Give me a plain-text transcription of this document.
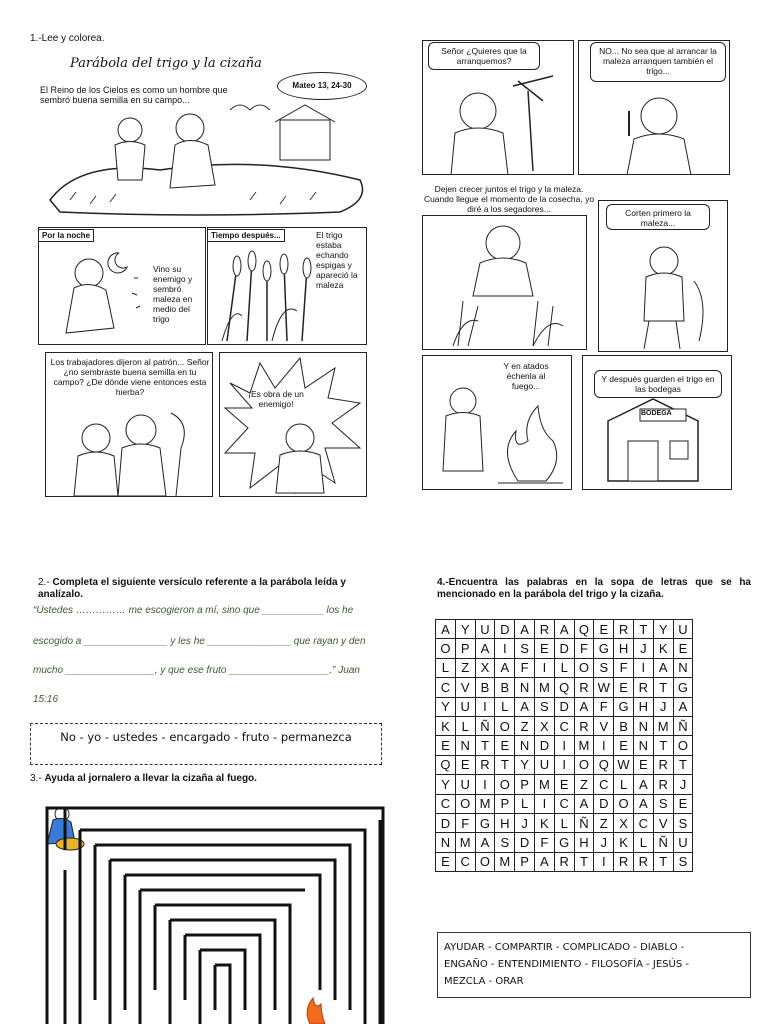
1.-Lee y colorea.
Parábola del trigo y la cizaña
Mateo 13, 24-30
El Reino de los Cielos es como un hombre que sembró buena semilla en su campo...
Por la noche
Vino su enemigo y sembró maleza en medio del trigo
Tiempo después...	El trigo estaba echando espigas y apareció la maleza
Los trabajadores dijeron al patrón... Señor ¿no sembraste buena semilla en tu campo? ¿De dónde viene entonces esta hierba?	¡Es obra de un enemigo!
Señor ¿Quieres que la arranquemos?
NO... No sea que al arrancar la maleza arranquen también el trigo...
Dejen crecer juntos el trigo y la maleza. Cuando llegue el momento de la cosecha, yo diré a los segadores...	Corten primero la maleza...
Y en atados échenla al fuego...
BODEGA
Y después guarden el trigo en las bodegas
2.- Completa el siguiente versículo referente a la parábola leída y analízalo.
“Ustedes …………… me escogieron a mí, sino que ___________ los he
escogido a _______________ y les he _______________ que rayan y den
mucho ________________, y que ese fruto __________________.” Juan
15:16
No - yo - ustedes - encargado - fruto - permanezca
3.- Ayuda al jornalero a llevar la cizaña al fuego.
4.-Encuentra las palabras en la sopa de letras que se ha mencionado en la parábola del trigo y la cizaña.
A	Y	U	D	A	R	A	Q	E	R	T	Y	U
O	P	A	I	S	E	D	F	G	H	J	K	E
L	Z	X	A	F	I	L	O	S	F	I	A	N
C	V	B	B	N	M	Q	R	W	E	R	T	G
Y	U	I	L	A	S	D	A	F	G	H	J	A
K	L	Ñ	O	Z	X	C	R	V	B	N	M	Ñ
E	N	T	E	N	D	I	M	I	E	N	T	O
Q	E	R	T	Y	U	I	O	Q	W	E	R	T
Y	U	I	O	P	M	E	Z	C	L	A	R	J
C	O	M	P	L	I	C	A	D	O	A	S	E
D	F	G	H	J	K	L	Ñ	Z	X	C	V	S
N	M	A	S	D	F	G	H	J	K	L	Ñ	U
E	C	O	M	P	A	R	T	I	R	R	T	S
AYUDAR - COMPARTIR - COMPLICADO - DIABLO -
ENGAÑO - ENTENDIMIENTO - FILOSOFÍA - JESÚS -
MEZCLA - ORAR
